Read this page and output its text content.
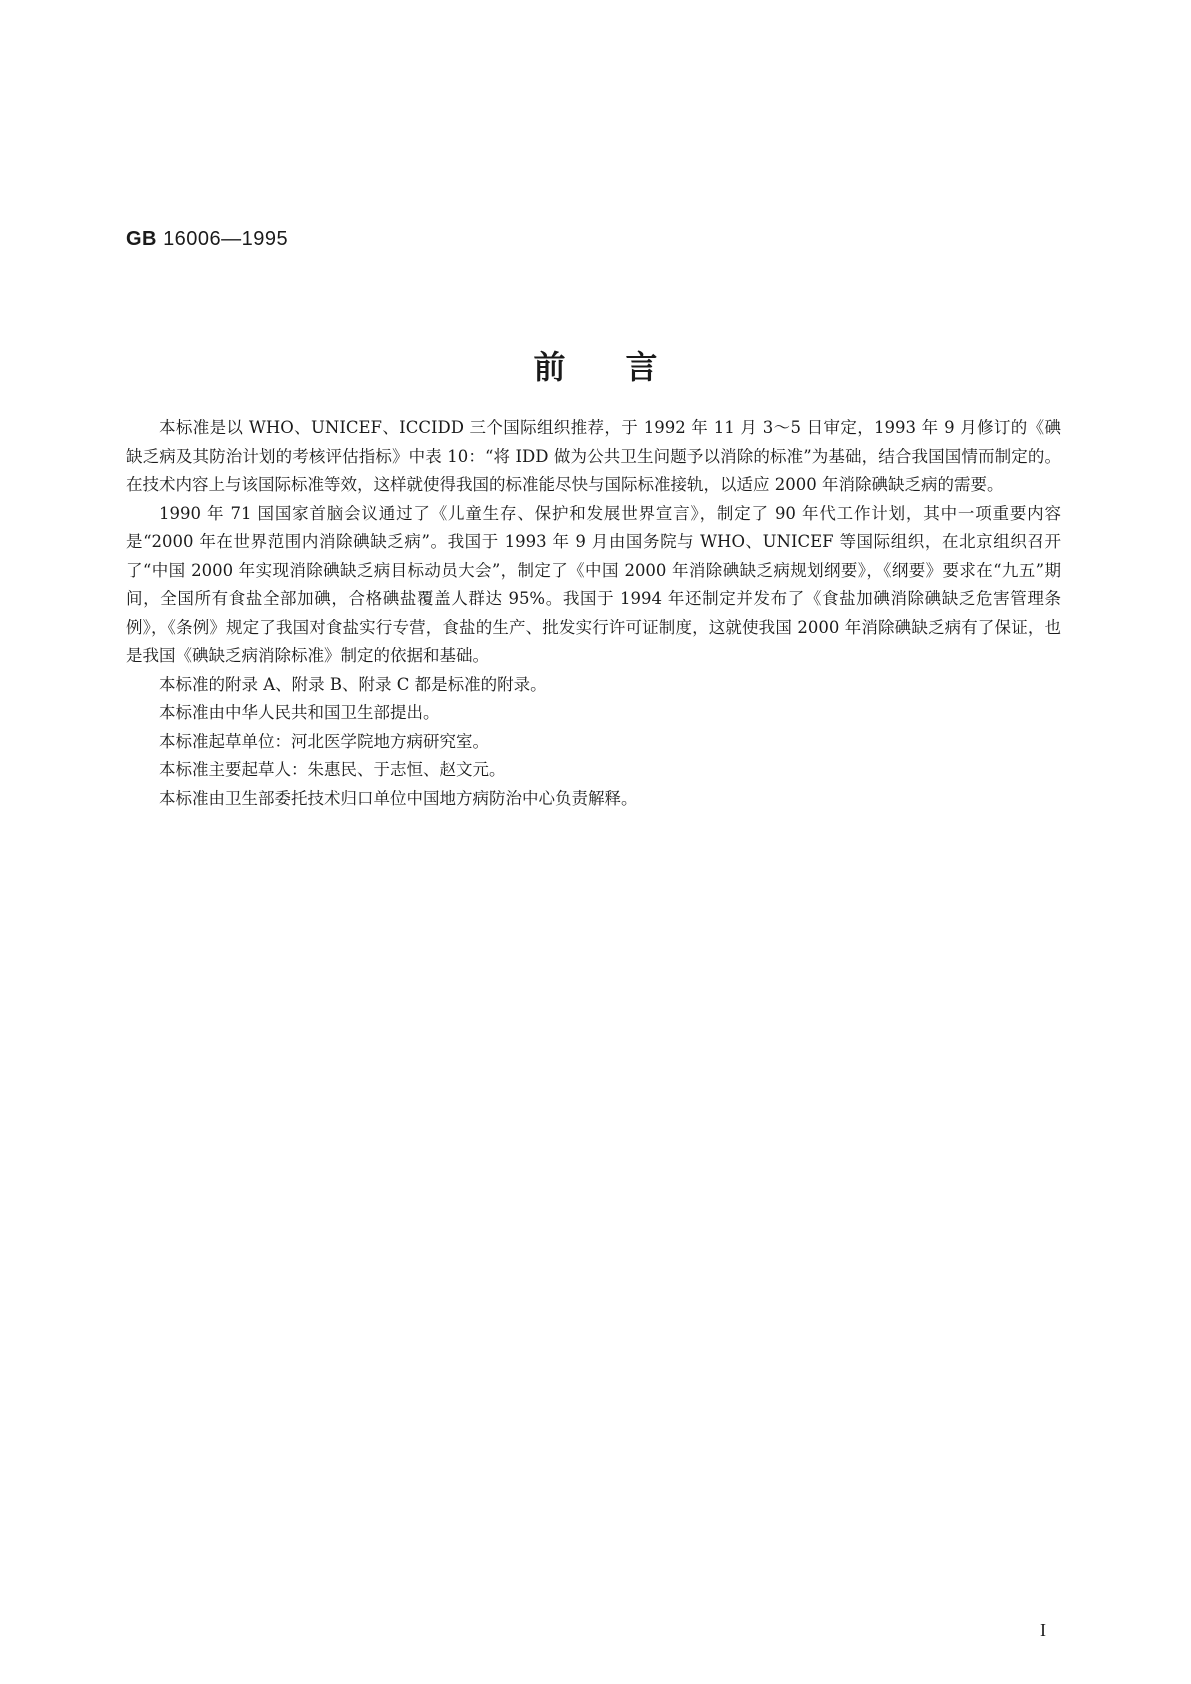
GB 16006—1995
前言

本标准是以 WHO、UNICEF、ICCIDD 三个国际组织推荐，于 1992 年 11 月 3～5 日审定，1993 年 9 月修订的《碘缺乏病及其防治计划的考核评估指标》中表 10：“将 IDD 做为公共卫生问题予以消除的标准”为基础，结合我国国情而制定的。在技术内容上与该国际标准等效，这样就使得我国的标准能尽快与国际标准接轨，以适应 2000 年消除碘缺乏病的需要。

1990 年 71 国国家首脑会议通过了《儿童生存、保护和发展世界宣言》，制定了 90 年代工作计划，其中一项重要内容是“2000 年在世界范围内消除碘缺乏病”。我国于 1993 年 9 月由国务院与 WHO、UNICEF 等国际组织，在北京组织召开了“中国 2000 年实现消除碘缺乏病目标动员大会”，制定了《中国 2000 年消除碘缺乏病规划纲要》，《纲要》要求在“九五”期间，全国所有食盐全部加碘，合格碘盐覆盖人群达 95%。我国于 1994 年还制定并发布了《食盐加碘消除碘缺乏危害管理条例》，《条例》规定了我国对食盐实行专营，食盐的生产、批发实行许可证制度，这就使我国 2000 年消除碘缺乏病有了保证，也是我国《碘缺乏病消除标准》制定的依据和基础。

本标准的附录 A、附录 B、附录 C 都是标准的附录。

本标准由中华人民共和国卫生部提出。

本标准起草单位：河北医学院地方病研究室。

本标准主要起草人：朱惠民、于志恒、赵文元。

本标准由卫生部委托技术归口单位中国地方病防治中心负责解释。

I
